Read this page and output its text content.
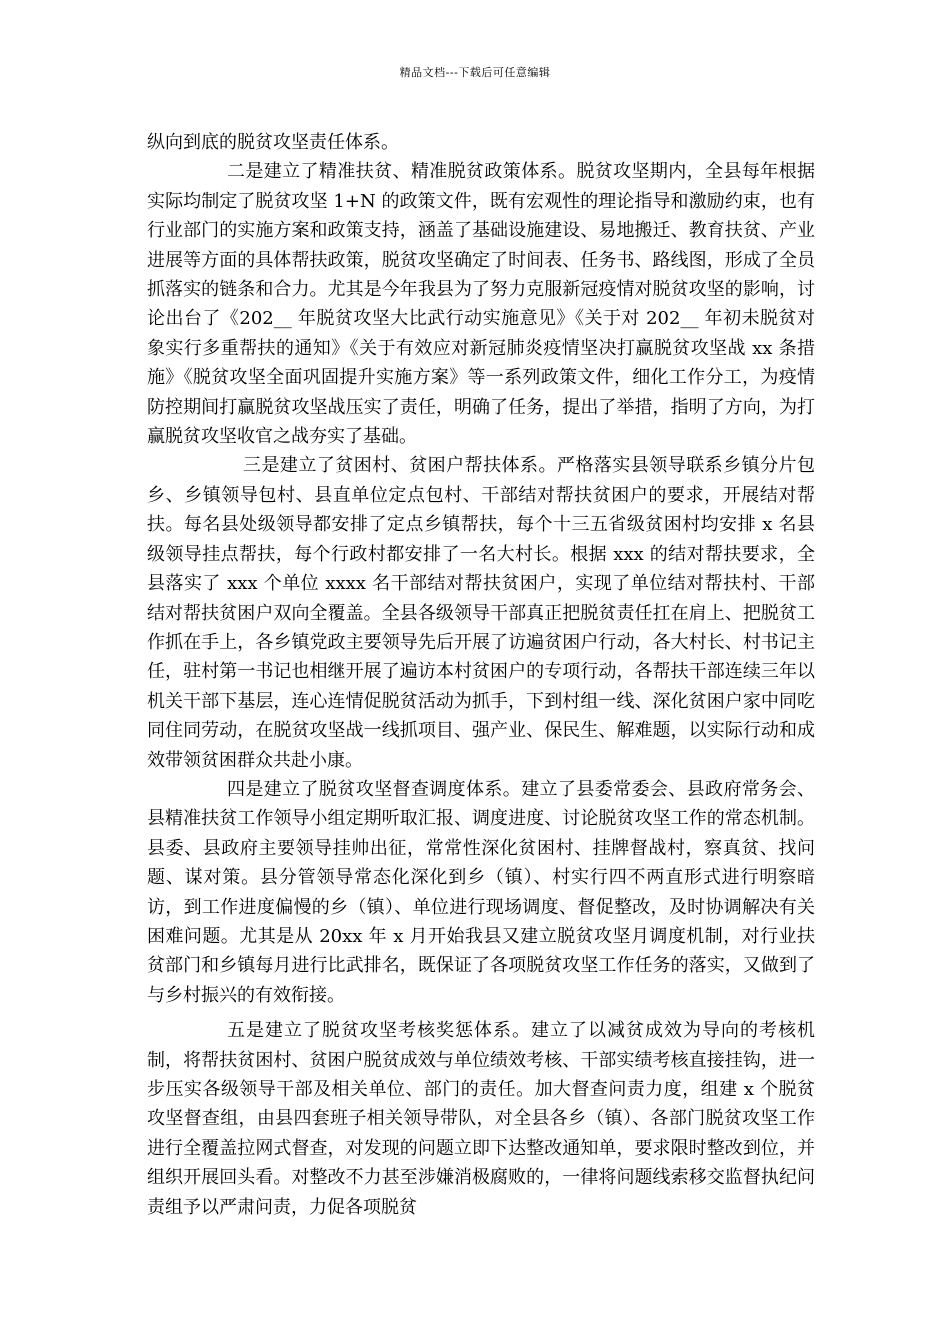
精品文档---下载后可任意编辑

纵向到底的脱贫攻坚责任体系。

二是建立了精准扶贫、精准脱贫政策体系。脱贫攻坚期内，全县每年根据实际均制定了脱贫攻坚 1+N 的政策文件，既有宏观性的理论指导和激励约束，也有行业部门的实施方案和政策支持，涵盖了基础设施建设、易地搬迁、教育扶贫、产业进展等方面的具体帮扶政策，脱贫攻坚确定了时间表、任务书、路线图，形成了全员抓落实的链条和合力。尤其是今年我县为了努力克服新冠疫情对脱贫攻坚的影响，讨论出台了《202__ 年脱贫攻坚大比武行动实施意见》《关于对 202__ 年初未脱贫对象实行多重帮扶的通知》《关于有效应对新冠肺炎疫情坚决打赢脱贫攻坚战 xx 条措施》《脱贫攻坚全面巩固提升实施方案》等一系列政策文件，细化工作分工，为疫情防控期间打赢脱贫攻坚战压实了责任，明确了任务，提出了举措，指明了方向，为打赢脱贫攻坚收官之战夯实了基础。

三是建立了贫困村、贫困户帮扶体系。严格落实县领导联系乡镇分片包乡、乡镇领导包村、县直单位定点包村、干部结对帮扶贫困户的要求，开展结对帮扶。每名县处级领导都安排了定点乡镇帮扶，每个十三五省级贫困村均安排 x 名县级领导挂点帮扶，每个行政村都安排了一名大村长。根据 xxx 的结对帮扶要求，全县落实了 xxx 个单位 xxxx 名干部结对帮扶贫困户，实现了单位结对帮扶村、干部结对帮扶贫困户双向全覆盖。全县各级领导干部真正把脱贫责任扛在肩上、把脱贫工作抓在手上，各乡镇党政主要领导先后开展了访遍贫困户行动，各大村长、村书记主任，驻村第一书记也相继开展了遍访本村贫困户的专项行动，各帮扶干部连续三年以机关干部下基层，连心连情促脱贫活动为抓手，下到村组一线、深化贫困户家中同吃同住同劳动，在脱贫攻坚战一线抓项目、强产业、保民生、解难题，以实际行动和成效带领贫困群众共赴小康。

四是建立了脱贫攻坚督查调度体系。建立了县委常委会、县政府常务会、县精准扶贫工作领导小组定期听取汇报、调度进度、讨论脱贫攻坚工作的常态机制。县委、县政府主要领导挂帅出征，常常性深化贫困村、挂牌督战村，察真贫、找问题、谋对策。县分管领导常态化深化到乡（镇）、村实行四不两直形式进行明察暗访，到工作进度偏慢的乡（镇）、单位进行现场调度、督促整改，及时协调解决有关困难问题。尤其是从 20xx 年 x 月开始我县又建立脱贫攻坚月调度机制，对行业扶贫部门和乡镇每月进行比武排名，既保证了各项脱贫攻坚工作任务的落实，又做到了与乡村振兴的有效衔接。

五是建立了脱贫攻坚考核奖惩体系。建立了以减贫成效为导向的考核机制，将帮扶贫困村、贫困户脱贫成效与单位绩效考核、干部实绩考核直接挂钩，进一步压实各级领导干部及相关单位、部门的责任。加大督查问责力度，组建 x 个脱贫攻坚督查组，由县四套班子相关领导带队，对全县各乡（镇）、各部门脱贫攻坚工作进行全覆盖拉网式督查，对发现的问题立即下达整改通知单，要求限时整改到位，并组织开展回头看。对整改不力甚至涉嫌消极腐败的，一律将问题线索移交监督执纪问责组予以严肃问责，力促各项脱贫
